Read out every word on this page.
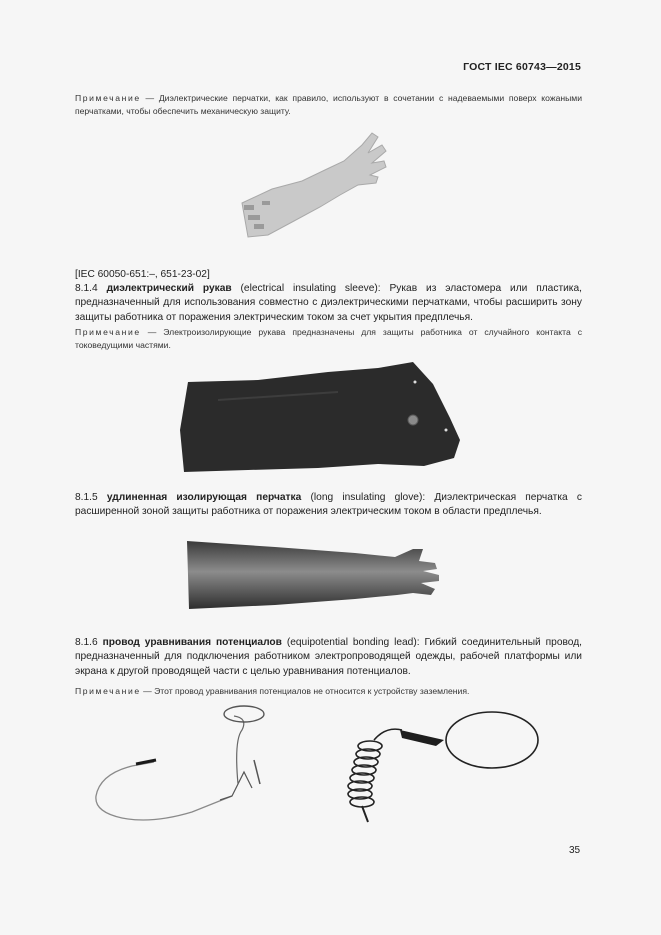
ГОСТ IEC 60743—2015
Примечание — Диэлектрические перчатки, как правило, используют в сочетании с надеваемыми поверх кожаными перчатками, чтобы обеспечить механическую защиту.
[IEC 60050-651:–, 651-23-02]
8.1.4 диэлектрический рукав (electrical insulating sleeve): Рукав из эластомера или пластика, предназначенный для использования совместно с диэлектрическими перчатками, чтобы расширить зону защиты работника от поражения электрическим током за счет укрытия предплечья.
Примечание — Электроизолирующие рукава предназначены для защиты работника от случайного контакта с токоведущими частями.
8.1.5 удлиненная изолирующая перчатка (long insulating glove): Диэлектрическая перчатка с расширенной зоной защиты работника от поражения электрическим током в области предплечья.
8.1.6 провод уравнивания потенциалов (equipotential bonding lead): Гибкий соединительный провод, предназначенный для подключения работником электропроводящей одежды, рабочей платформы или экрана к другой проводящей части с целью уравнивания потенциалов.
Примечание — Этот провод уравнивания потенциалов не относится к устройству заземления.
35
